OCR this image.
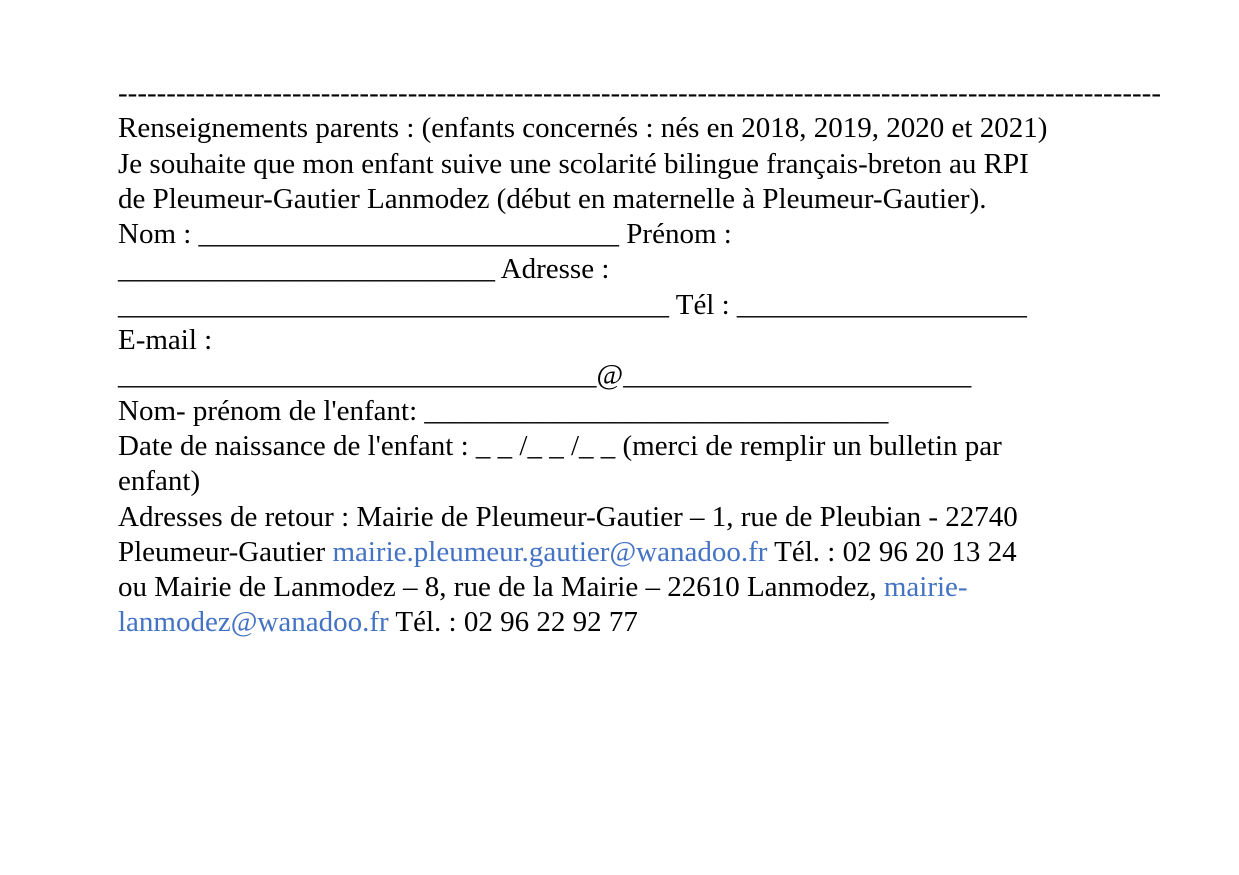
------------------------------------------------------------------------------------------------------------

Renseignements parents : (enfants concernés : nés en 2018, 2019, 2020 et 2021)

Je souhaite que mon enfant suive une scolarité bilingue français-breton au RPI

de Pleumeur-Gautier Lanmodez (début en maternelle à Pleumeur-Gautier).

Nom : _____________________________ Prénom :

__________________________ Adresse :

______________________________________ Tél : ____________________

E-mail :

_________________________________@________________________

Nom- prénom de l'enfant: ________________________________

Date de naissance de l'enfant : _ _ /_ _ /_ _ (merci de remplir un bulletin par

enfant)

Adresses de retour : Mairie de Pleumeur-Gautier – 1, rue de Pleubian - 22740

Pleumeur-Gautier mairie.pleumeur.gautier@wanadoo.fr Tél. : 02 96 20 13 24

ou Mairie de Lanmodez – 8, rue de la Mairie – 22610 Lanmodez, mairie-

lanmodez@wanadoo.fr Tél. : 02 96 22 92 77
